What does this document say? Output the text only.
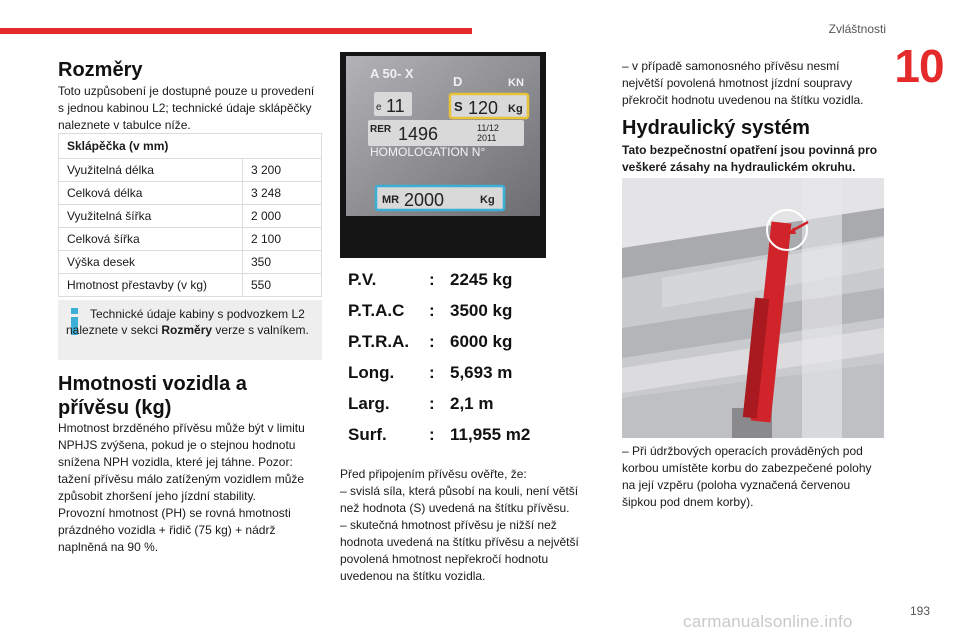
Zvláštnosti
10
Rozměry

Toto uzpůsobení je dostupné pouze u provedení s jednou kabinou L2; technické údaje sklápěčky naleznete v tabulce níže.

Sklápěčka (v mm)	
Využitelná délka	3 200
Celková délka	3 248
Využitelná šířka	2 000
Celková šířka	2 100
Výška desek	350
Hmotnost přestavby (v kg)	550
Technické údaje kabiny s podvozkem L2 naleznete v sekci Rozměry verze s valníkem.
Hmotnosti vozidla a přívěsu (kg)

Hmotnost brzděného přívěsu může být v limitu NPHJS zvýšena, pokud je o stejnou hodnotu snížena NPH vozidla, které jej táhne. Pozor: tažení přívěsu málo zatíženým vozidlem může způsobit zhoršení jeho jízdní stability.

Provozní hmotnost (PH) se rovná hmotnosti prázdného vozidla + řidič (75 kg) + nádrž naplněná na 90 %.

A 50- X
D	KN
e 11	S 120 Kg
RER 1496	11/12
2011
HOMOLOGATION N°
MR 2000	Kg
P.V.	: 2245 kg
P.T.A.C : 3500 kg
P.T.R.A. : 6000 kg
Long. : 5,693 m
Larg. : 2,1 m
Surf. : 11,955 m2

Před připojením přívěsu ověřte, že:

– svislá síla, která působí na kouli, není větší než hodnota (S) uvedená na štítku přívěsu.

– skutečná hmotnost přívěsu je nižší než hodnota uvedená na štítku přívěsu a největší povolená hmotnost nepřekročí hodnotu uvedenou na štítku vozidla.

– v případě samonosného přívěsu nesmí největší povolená hmotnost jízdní soupravy překročit hodnotu uvedenou na štítku vozidla.

Hydraulický systém

Tato bezpečnostní opatření jsou povinná pro veškeré zásahy na hydraulickém okruhu.

– Při údržbových operacích prováděných pod korbou umístěte korbu do zabezpečené polohy na její vzpěru (poloha vyznačená červenou šipkou pod dnem korby).

193
carmanualsonline.info
